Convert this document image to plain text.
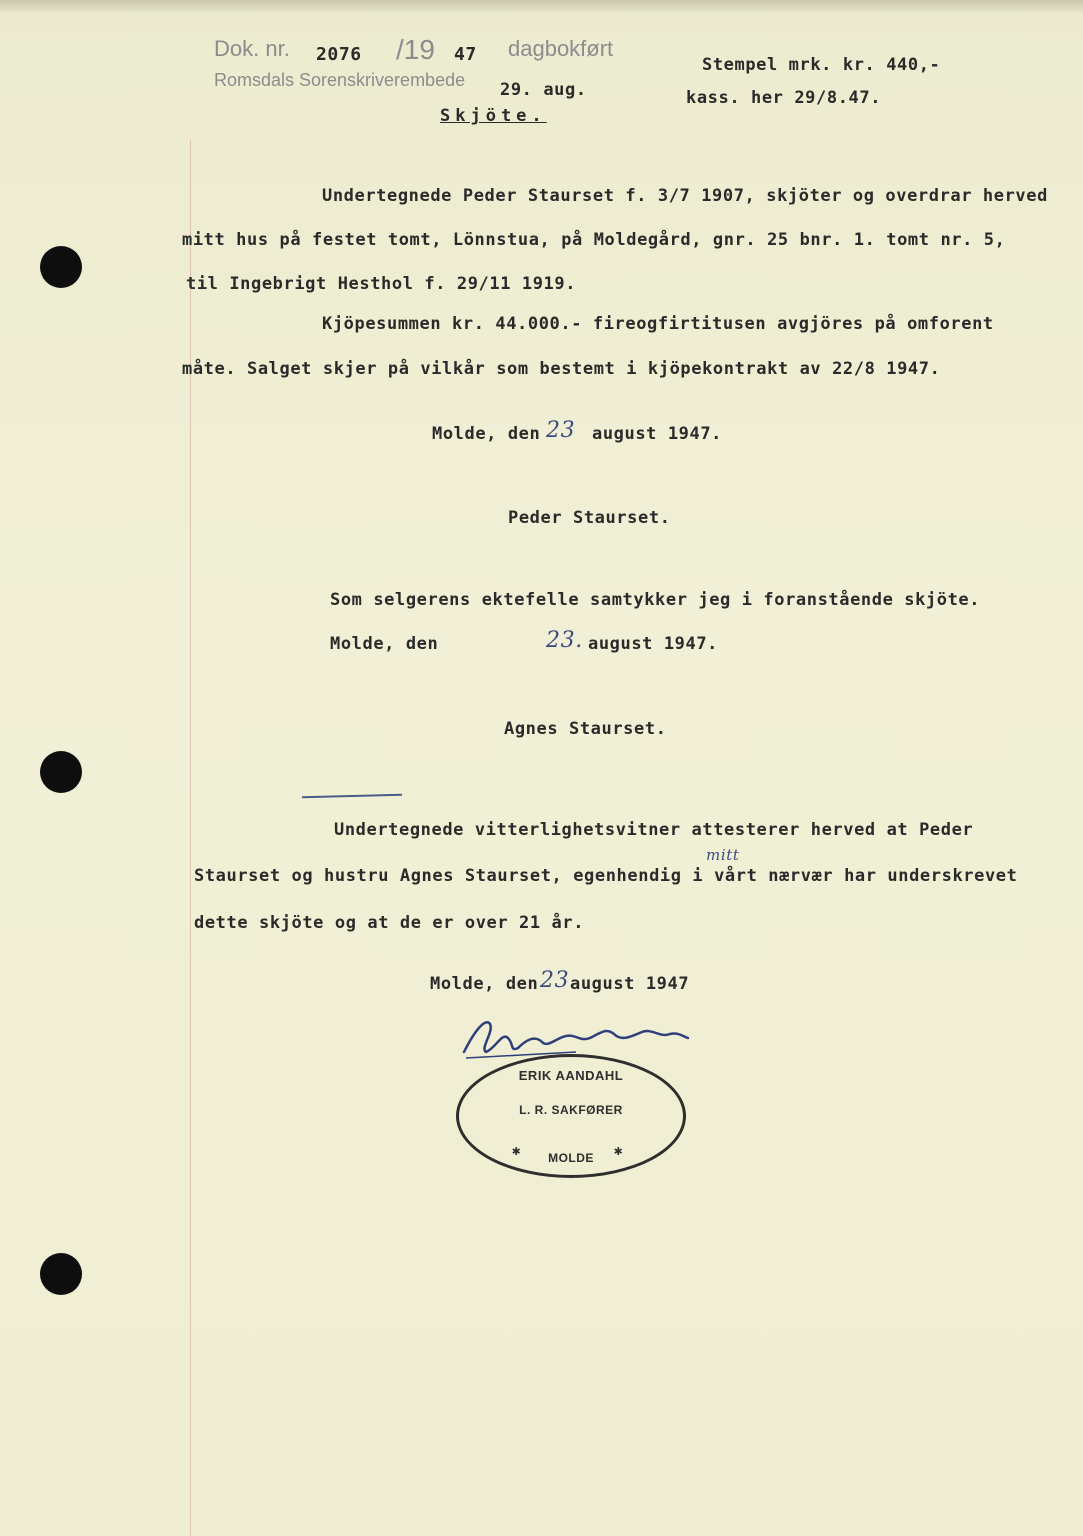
Dok. nr. 2076 /19 47 dagbokført
Romsdals Sorenskriverembede 29. aug.
Stempel mrk. kr. 440,-
kass. her 29/8.47.
Skjöte.
Undertegnede Peder Staurset f. 3/7 1907, skjöter og overdrar herved
mitt hus på festet tomt, Lönnstua, på Moldegård, gnr. 25 bnr. 1. tomt nr. 5,
til Ingebrigt Hesthol f. 29/11 1919.
Kjöpesummen kr. 44.000.- fireogfirtitusen avgjöres på omforent
måte. Salget skjer på vilkår som bestemt i kjöpekontrakt av 22/8 1947.
Molde, den 23 august 1947.
Peder Staurset.
Som selgerens ektefelle samtykker jeg i foranstående skjöte.
Molde, den	23. august 1947.
Agnes Staurset.
Undertegnede vitterlighetsvitner attesterer herved at Peder
mitt
Staurset og hustru Agnes Staurset, egenhendig i vårt nærvær har underskrevet
dette skjöte og at de er over 21 år.
Molde, den 23 august 1947
ERIK AANDAHL
L. R. SAKFØRER
MOLDE
✱	✱
